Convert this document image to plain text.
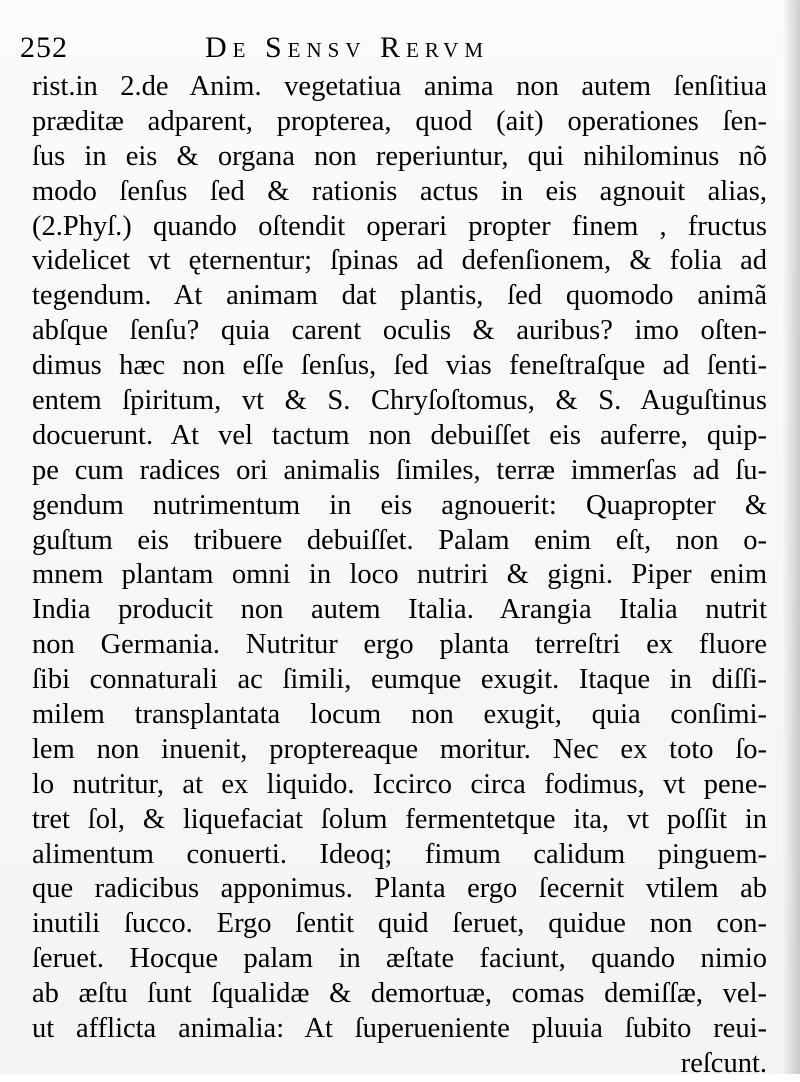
252	De Sensv Rervm
rist.in 2.de Anim. vegetatiua anima non autem ſenſitiua
præditæ adparent, propterea, quod (ait) operationes ſen-
ſus in eis & organa non reperiuntur, qui nihilominus nõ
modo ſenſus ſed & rationis actus in eis agnouit alias,
(2.Phyſ.) quando oſtendit operari propter finem , fructus
videlicet vt ęternentur; ſpinas ad defenſionem, & folia ad
tegendum. At animam dat plantis, ſed quomodo animã
abſque ſenſu? quia carent oculis & auribus? imo oſten-
dimus hæc non eſſe ſenſus, ſed vias feneſtraſque ad ſenti-
entem ſpiritum, vt & S. Chryſoſtomus, & S. Auguſtinus
docuerunt. At vel tactum non debuiſſet eis auferre, quip-
pe cum radices ori animalis ſimiles, terræ immerſas ad ſu-
gendum nutrimentum in eis agnouerit: Quapropter &
guſtum eis tribuere debuiſſet. Palam enim eſt, non o-
mnem plantam omni in loco nutriri & gigni. Piper enim
India producit non autem Italia. Arangia Italia nutrit
non Germania. Nutritur ergo planta terreſtri ex fluore
ſibi connaturali ac ſimili, eumque exugit. Itaque in diſſi-
milem transplantata locum non exugit, quia conſimi-
lem non inuenit, proptereaque moritur. Nec ex toto ſo-
lo nutritur, at ex liquido. Iccirco circa fodimus, vt pene-
tret ſol, & liquefaciat ſolum fermentetque ita, vt poſſit in
alimentum conuerti. Ideoq; fimum calidum pinguem-
que radicibus apponimus. Planta ergo ſecernit vtilem ab
inutili ſucco. Ergo ſentit quid ſeruet, quidue non con-
ſeruet. Hocque palam in æſtate faciunt, quando nimio
ab æſtu ſunt ſqualidæ & demortuæ, comas demiſſæ, vel-
ut afflicta animalia: At ſuperueniente pluuia ſubito reui-
reſcunt.
